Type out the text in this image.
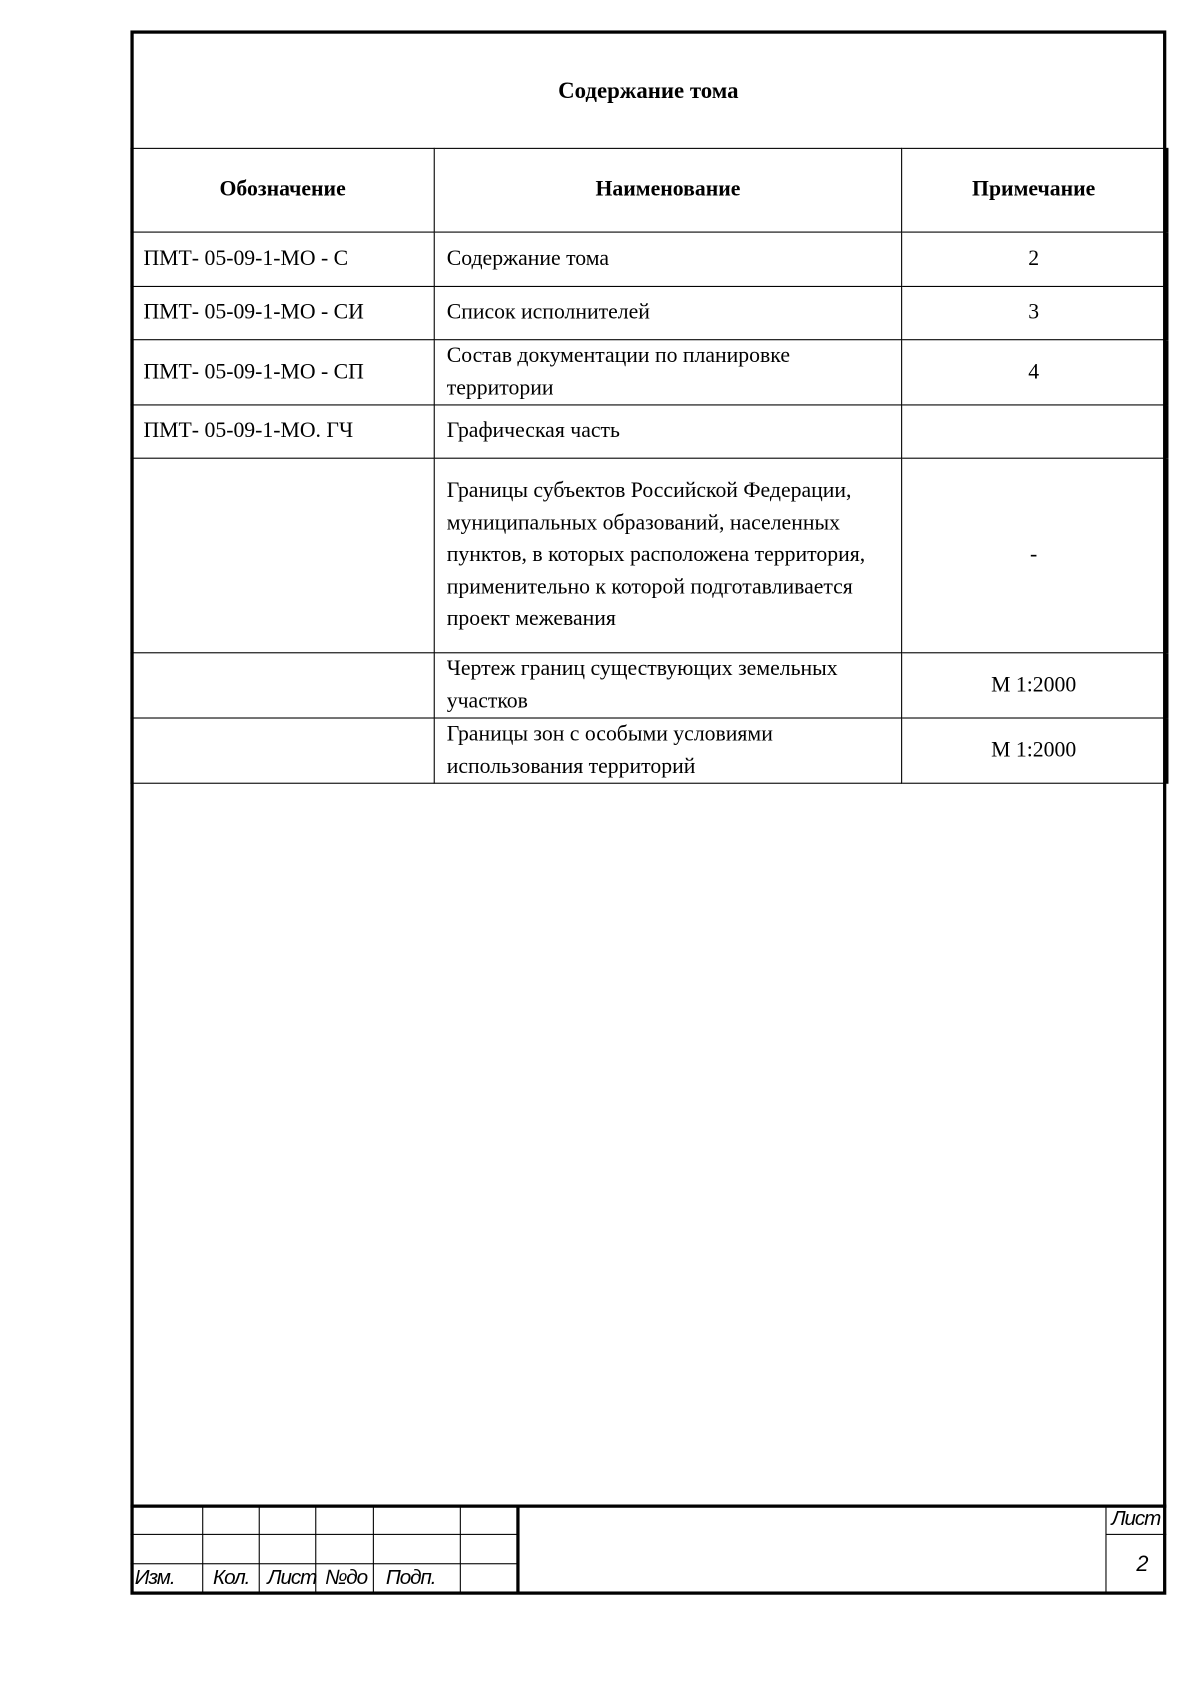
Содержание тома
Обозначение	Наименование	Примечание
ПМТ- 05-09-1-МО - С	Содержание тома	2
ПМТ- 05-09-1-МО - СИ	Список исполнителей	3
ПМТ- 05-09-1-МО - СП	Состав документации по планировке территории	4
ПМТ- 05-09-1-МО. ГЧ	Графическая часть	
	Границы субъектов Российской Федерации, муниципальных образований, населенных пунктов, в которых расположена территория, применительно к которой подготавливается проект межевания	-
	Чертеж границ существующих земельных участков	М 1:2000
	Границы зон с особыми условиями использования территорий	М 1:2000
Изм. Кол. Лист №до Подп.
Лист
2
